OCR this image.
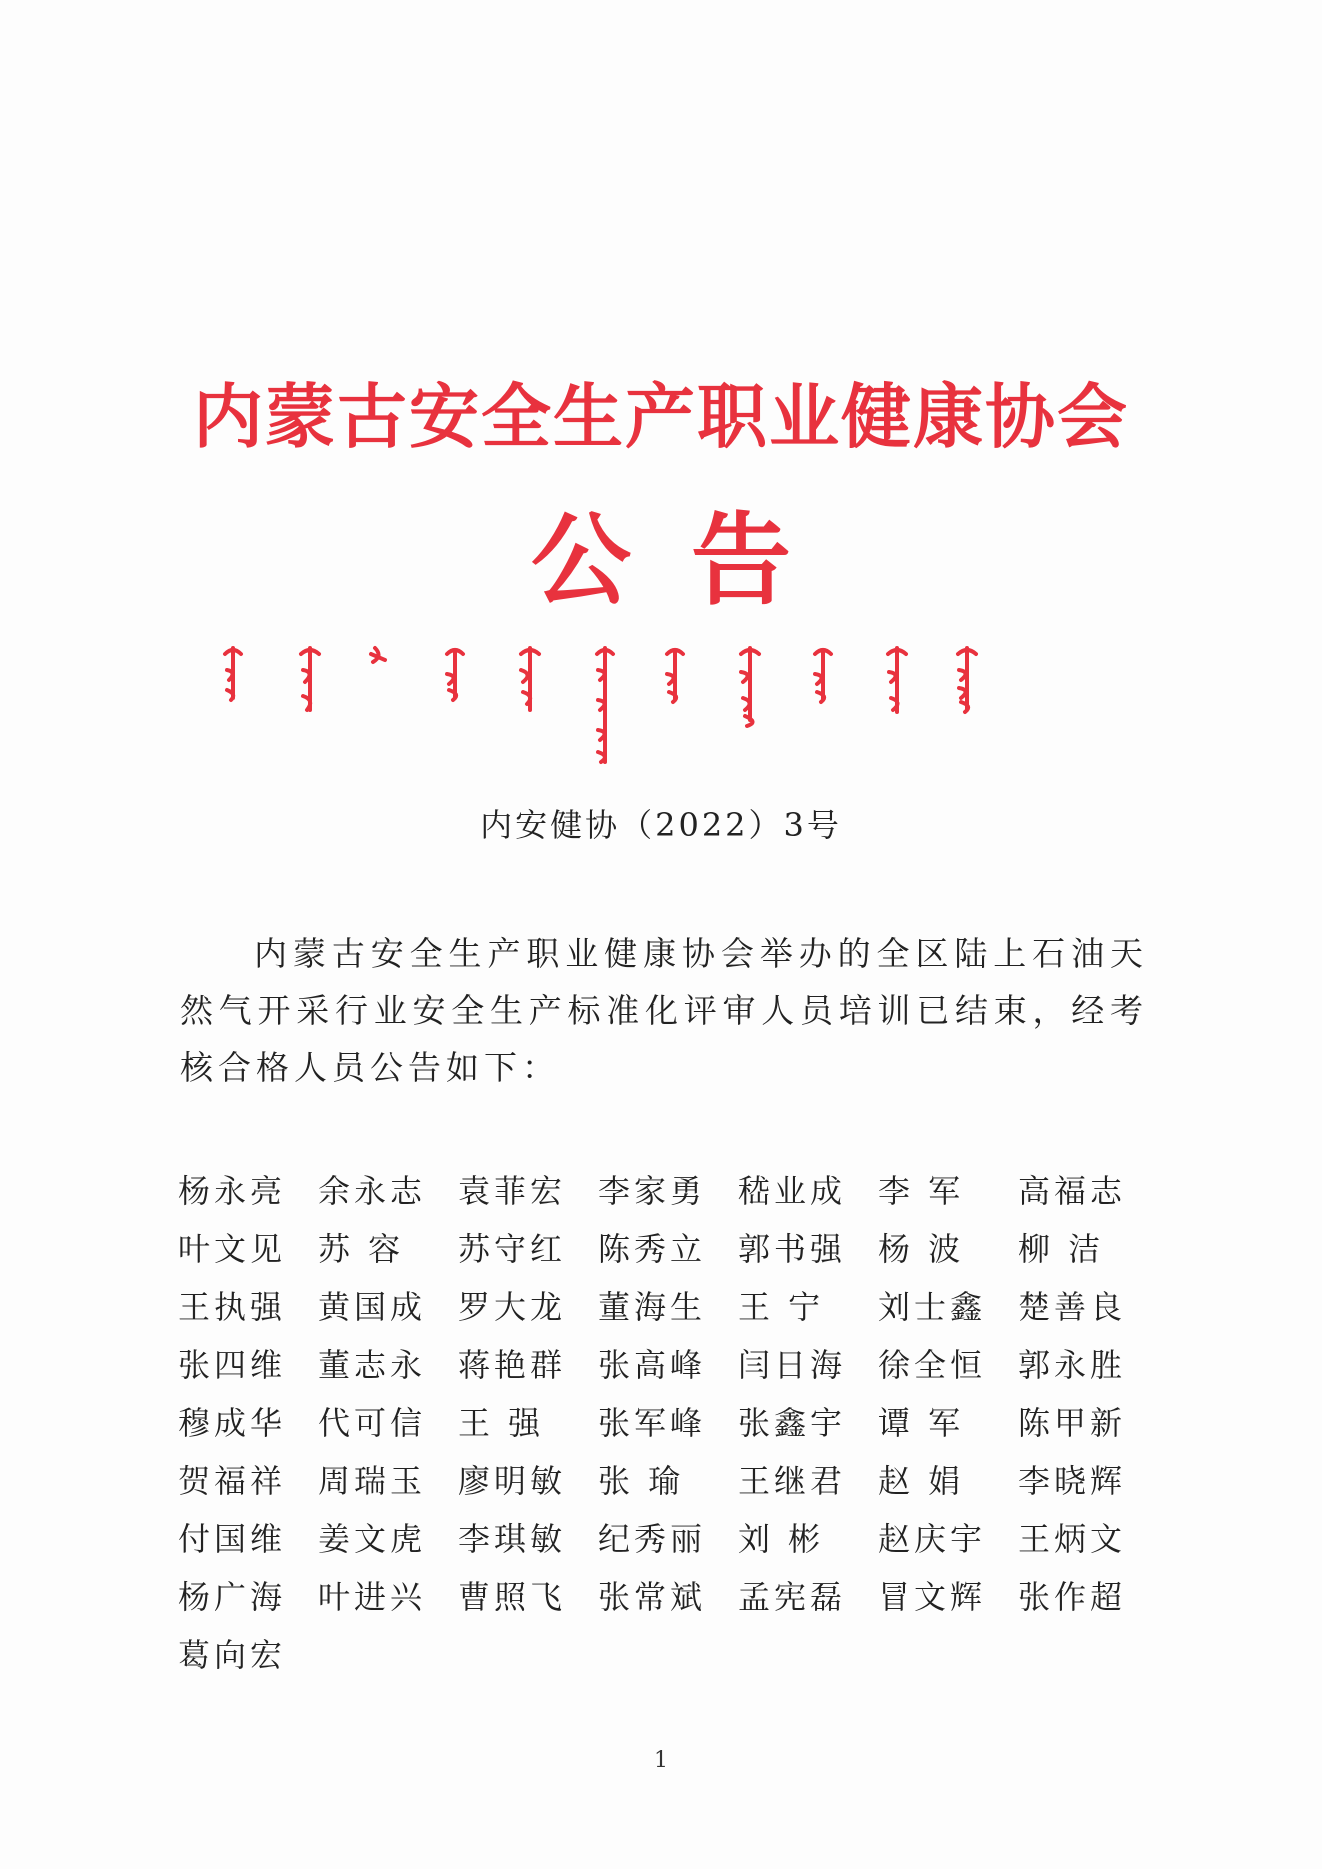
内蒙古安全生产职业健康协会
公告
内安健协（2022）3号
内蒙古安全生产职业健康协会举办的全区陆上石油天然气开采行业安全生产标准化评审人员培训已结束，经考核合格人员公告如下：
杨永亮 余永志 袁菲宏 李家勇 嵇业成 李 军	高福志
叶文见 苏 容	苏守红 陈秀立 郭书强 杨 波	柳 洁
王执强 黄国成 罗大龙 董海生 王 宁	刘士鑫 楚善良
张四维 董志永 蒋艳群 张高峰 闫日海 徐全恒 郭永胜
穆成华 代可信 王 强	张军峰 张鑫宇 谭 军	陈甲新
贺福祥 周瑞玉 廖明敏 张 瑜	王继君 赵 娟	李晓辉
付国维 姜文虎 李琪敏 纪秀丽 刘 彬	赵庆宇 王炳文
杨广海 叶进兴 曹照飞 张常斌 孟宪磊 冒文辉 张作超
葛向宏
1
